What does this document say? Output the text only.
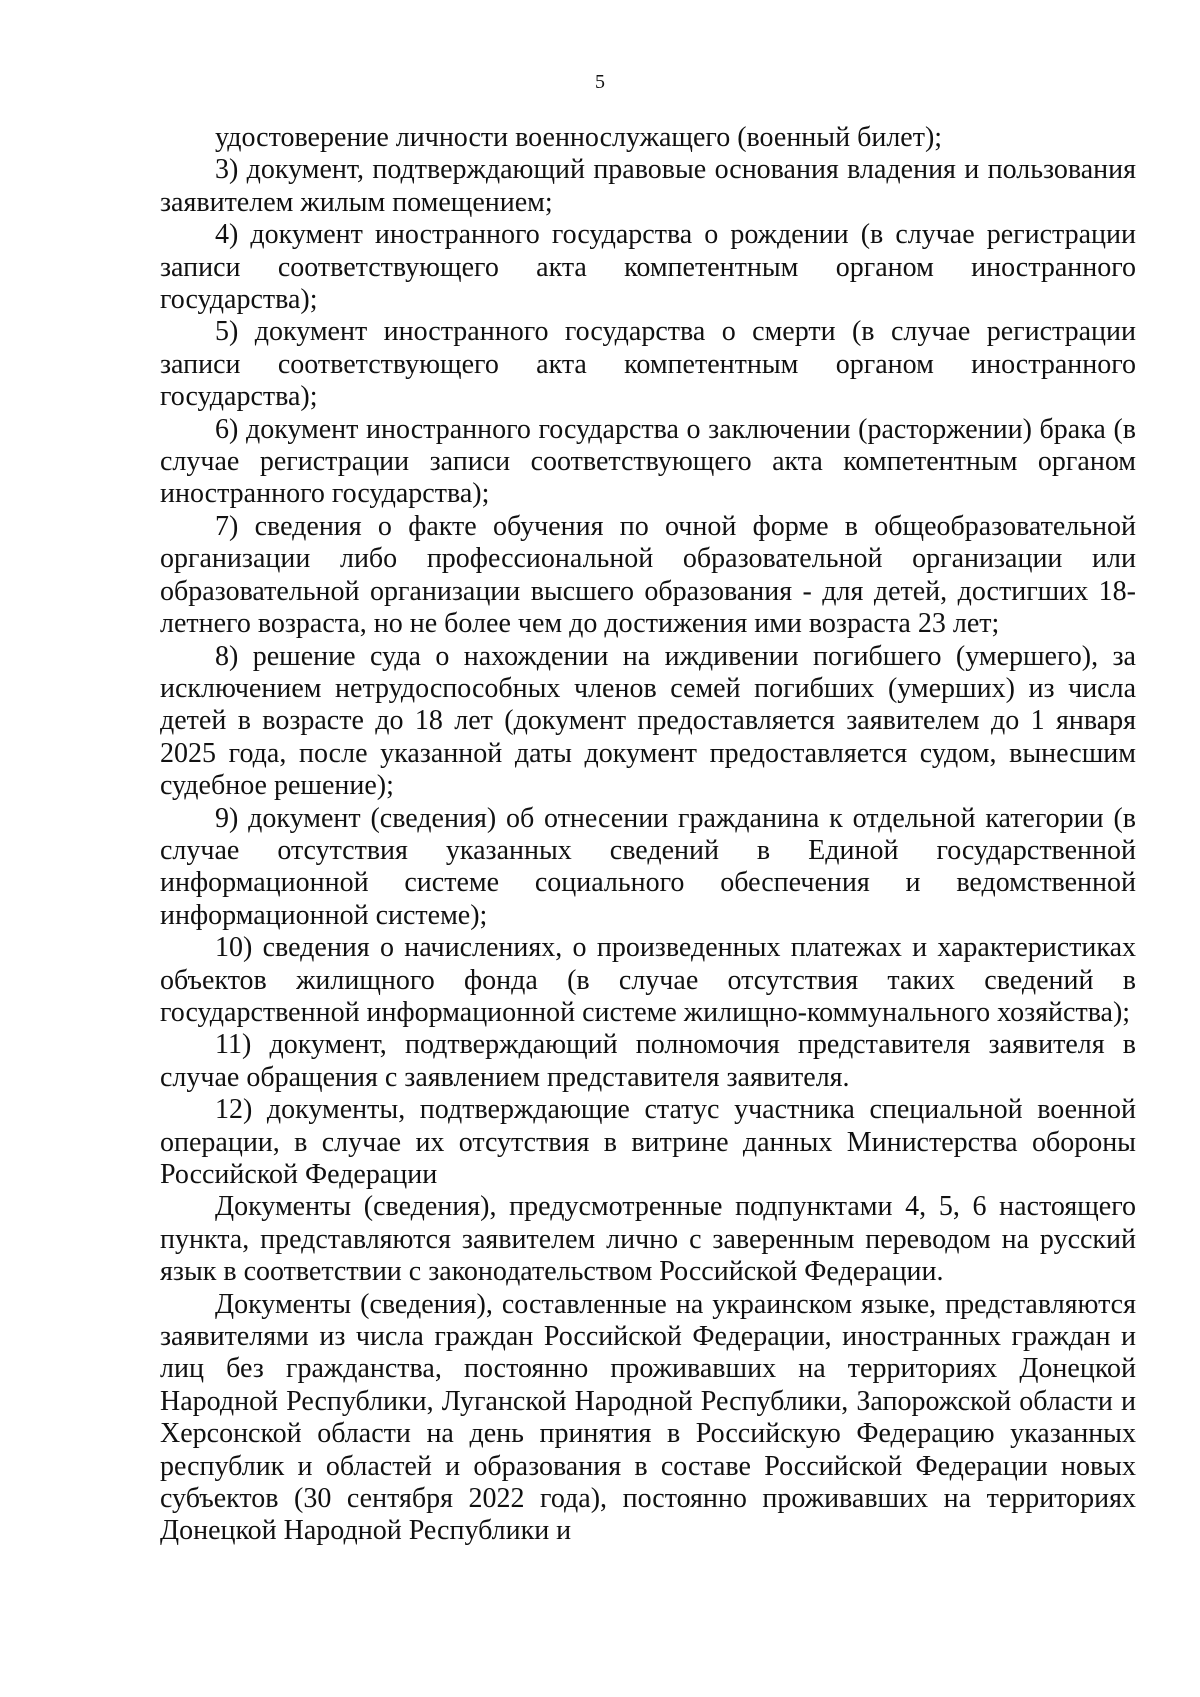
5

удостоверение личности военнослужащего (военный билет);

3) документ, подтверждающий правовые основания владения и пользования заявителем жилым помещением;

4) документ иностранного государства о рождении (в случае регистрации записи соответствующего акта компетентным органом иностранного государства);

5) документ иностранного государства о смерти (в случае регистрации записи соответствующего акта компетентным органом иностранного государства);

6) документ иностранного государства о заключении (расторжении) брака (в случае регистрации записи соответствующего акта компетентным органом иностранного государства);

7) сведения о факте обучения по очной форме в общеобразовательной организации либо профессиональной образовательной организации или образовательной организации высшего образования - для детей, достигших 18-летнего возраста, но не более чем до достижения ими возраста 23 лет;

8) решение суда о нахождении на иждивении погибшего (умершего), за исключением нетрудоспособных членов семей погибших (умерших) из числа детей в возрасте до 18 лет (документ предоставляется заявителем до 1 января 2025 года, после указанной даты документ предоставляется судом, вынесшим судебное решение);

9) документ (сведения) об отнесении гражданина к отдельной категории (в случае отсутствия указанных сведений в Единой государственной информационной системе социального обеспечения и ведомственной информационной системе);

10) сведения о начислениях, о произведенных платежах и характеристиках объектов жилищного фонда (в случае отсутствия таких сведений в государственной информационной системе жилищно-коммунального хозяйства);

11) документ, подтверждающий полномочия представителя заявителя в случае обращения с заявлением представителя заявителя.

12) документы, подтверждающие статус участника специальной военной операции, в случае их отсутствия в витрине данных Министерства обороны Российской Федерации

Документы (сведения), предусмотренные подпунктами 4, 5, 6 настоящего пункта, представляются заявителем лично с заверенным переводом на русский язык в соответствии с законодательством Российской Федерации.

Документы (сведения), составленные на украинском языке, представляются заявителями из числа граждан Российской Федерации, иностранных граждан и лиц без гражданства, постоянно проживавших на территориях Донецкой Народной Республики, Луганской Народной Республики, Запорожской области и Херсонской области на день принятия в Российскую Федерацию указанных республик и областей и образования в составе Российской Федерации новых субъектов (30 сентября 2022 года), постоянно проживавших на территориях Донецкой Народной Республики и
